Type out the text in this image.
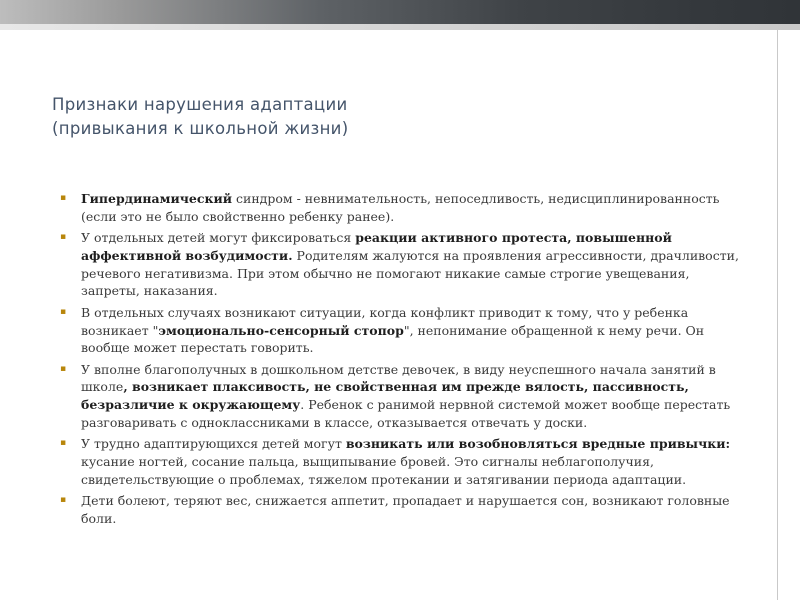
Признаки нарушения адаптации
(привыкания к школьной жизни)
▪ Гипердинамический синдром - невнимательность, непоседливость, недисциплинированность (если это не было свойственно ребенку ранее).
▪ У отдельных детей могут фиксироваться реакции активного протеста, повышенной аффективной возбудимости. Родителям жалуются на проявления агрессивности, драчливости, речевого негативизма. При этом обычно не помогают никакие самые строгие увещевания, запреты, наказания.
▪ В отдельных случаях возникают ситуации, когда конфликт приводит к тому, что у ребенка возникает "эмоционально-сенсорный стопор", непонимание обращенной к нему речи. Он вообще может перестать говорить.
▪ У вполне благополучных в дошкольном детстве девочек, в виду неуспешного начала занятий в школе, возникает плаксивость, не свойственная им прежде вялость, пассивность, безразличие к окружающему. Ребенок с ранимой нервной системой может вообще перестать разговаривать с одноклассниками в классе, отказывается отвечать у доски.
▪ У трудно адаптирующихся детей могут возникать или возобновляться вредные привычки: кусание ногтей, сосание пальца, выщипывание бровей. Это сигналы неблагополучия, свидетельствующие о проблемах, тяжелом протекании и затягивании периода адаптации.
▪ Дети болеют, теряют вес, снижается аппетит, пропадает и нарушается сон, возникают головные боли.
